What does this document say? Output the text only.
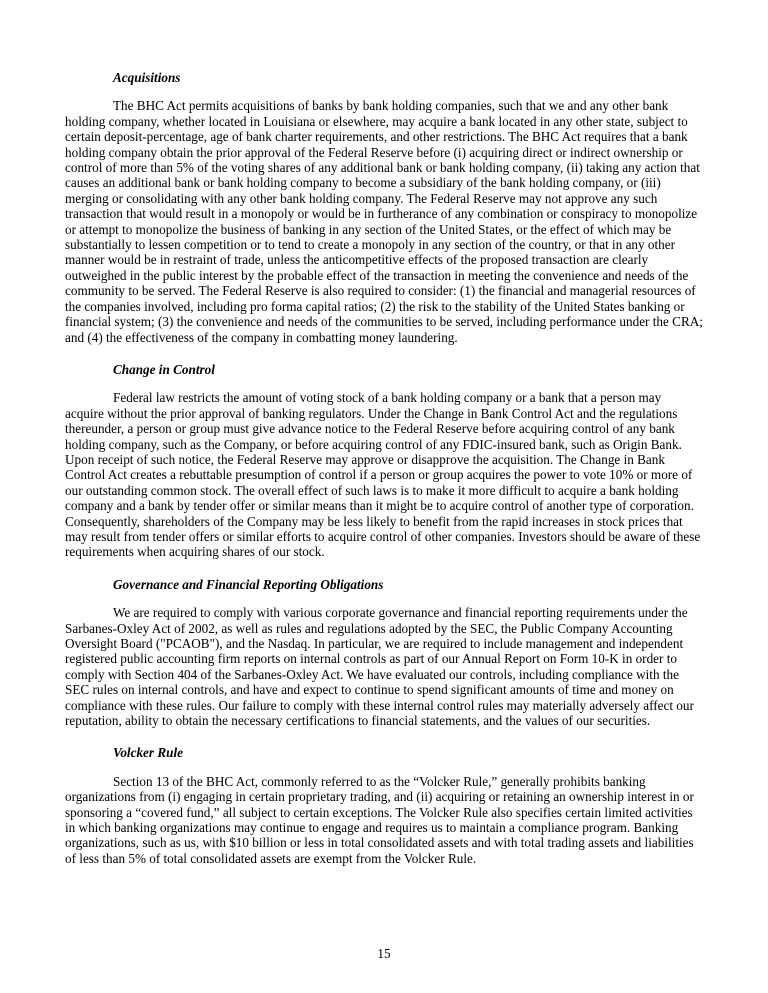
Acquisitions

The BHC Act permits acquisitions of banks by bank holding companies, such that we and any other bank holding company, whether located in Louisiana or elsewhere, may acquire a bank located in any other state, subject to certain deposit-percentage, age of bank charter requirements, and other restrictions. The BHC Act requires that a bank holding company obtain the prior approval of the Federal Reserve before (i) acquiring direct or indirect ownership or control of more than 5% of the voting shares of any additional bank or bank holding company, (ii) taking any action that causes an additional bank or bank holding company to become a subsidiary of the bank holding company, or (iii) merging or consolidating with any other bank holding company. The Federal Reserve may not approve any such transaction that would result in a monopoly or would be in furtherance of any combination or conspiracy to monopolize or attempt to monopolize the business of banking in any section of the United States, or the effect of which may be substantially to lessen competition or to tend to create a monopoly in any section of the country, or that in any other manner would be in restraint of trade, unless the anticompetitive effects of the proposed transaction are clearly outweighed in the public interest by the probable effect of the transaction in meeting the convenience and needs of the community to be served. The Federal Reserve is also required to consider: (1) the financial and managerial resources of the companies involved, including pro forma capital ratios; (2) the risk to the stability of the United States banking or financial system; (3) the convenience and needs of the communities to be served, including performance under the CRA; and (4) the effectiveness of the company in combatting money laundering.

Change in Control

Federal law restricts the amount of voting stock of a bank holding company or a bank that a person may acquire without the prior approval of banking regulators. Under the Change in Bank Control Act and the regulations thereunder, a person or group must give advance notice to the Federal Reserve before acquiring control of any bank holding company, such as the Company, or before acquiring control of any FDIC-insured bank, such as Origin Bank. Upon receipt of such notice, the Federal Reserve may approve or disapprove the acquisition. The Change in Bank Control Act creates a rebuttable presumption of control if a person or group acquires the power to vote 10% or more of our outstanding common stock. The overall effect of such laws is to make it more difficult to acquire a bank holding company and a bank by tender offer or similar means than it might be to acquire control of another type of corporation. Consequently, shareholders of the Company may be less likely to benefit from the rapid increases in stock prices that may result from tender offers or similar efforts to acquire control of other companies. Investors should be aware of these requirements when acquiring shares of our stock.

Governance and Financial Reporting Obligations

We are required to comply with various corporate governance and financial reporting requirements under the Sarbanes-Oxley Act of 2002, as well as rules and regulations adopted by the SEC, the Public Company Accounting Oversight Board ("PCAOB"), and the Nasdaq. In particular, we are required to include management and independent registered public accounting firm reports on internal controls as part of our Annual Report on Form 10-K in order to comply with Section 404 of the Sarbanes-Oxley Act. We have evaluated our controls, including compliance with the SEC rules on internal controls, and have and expect to continue to spend significant amounts of time and money on compliance with these rules. Our failure to comply with these internal control rules may materially adversely affect our reputation, ability to obtain the necessary certifications to financial statements, and the values of our securities.

Volcker Rule

Section 13 of the BHC Act, commonly referred to as the “Volcker Rule,” generally prohibits banking organizations from (i) engaging in certain proprietary trading, and (ii) acquiring or retaining an ownership interest in or sponsoring a “covered fund,” all subject to certain exceptions. The Volcker Rule also specifies certain limited activities in which banking organizations may continue to engage and requires us to maintain a compliance program. Banking organizations, such as us, with $10 billion or less in total consolidated assets and with total trading assets and liabilities of less than 5% of total consolidated assets are exempt from the Volcker Rule.

15
